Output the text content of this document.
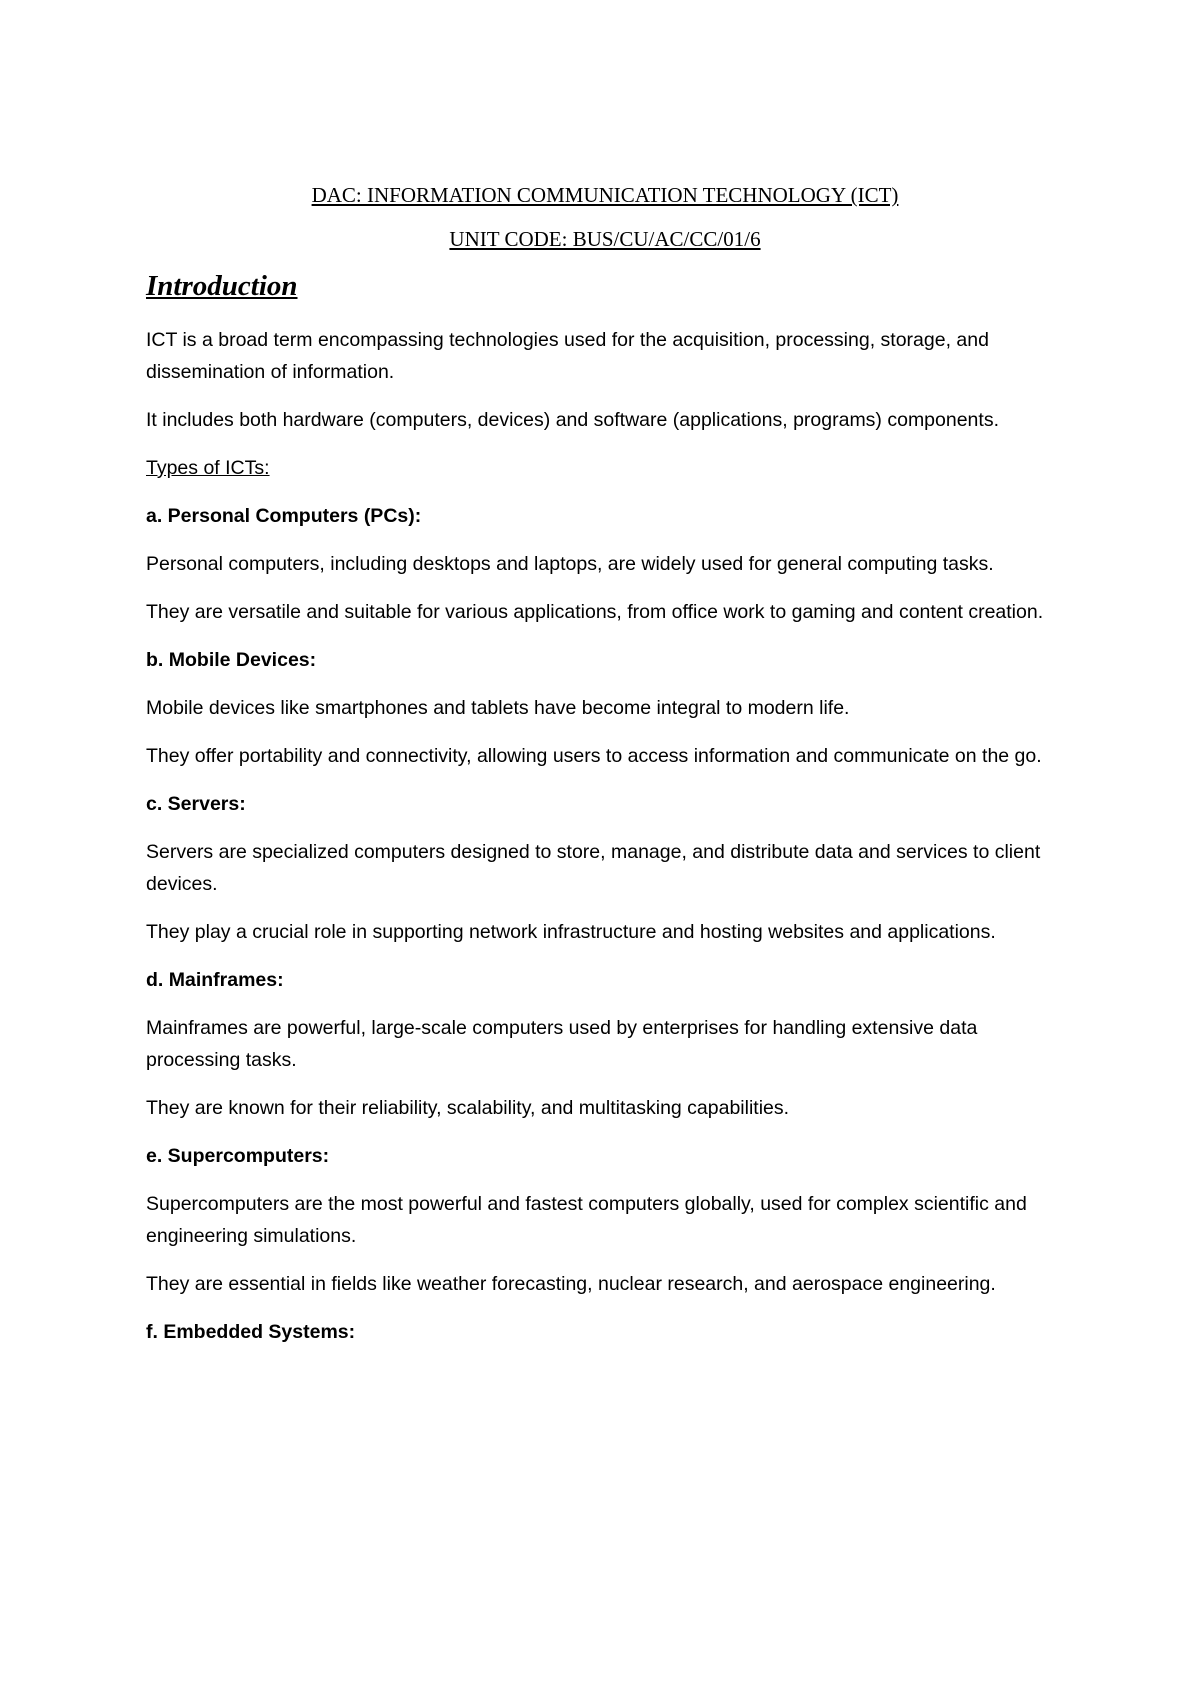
DAC: INFORMATION COMMUNICATION TECHNOLOGY (ICT)
UNIT CODE: BUS/CU/AC/CC/01/6
Introduction

ICT is a broad term encompassing technologies used for the acquisition, processing, storage, and dissemination of information.

It includes both hardware (computers, devices) and software (applications, programs) components.

Types of ICTs:

a. Personal Computers (PCs):

Personal computers, including desktops and laptops, are widely used for general computing tasks.

They are versatile and suitable for various applications, from office work to gaming and content creation.

b. Mobile Devices:

Mobile devices like smartphones and tablets have become integral to modern life.

They offer portability and connectivity, allowing users to access information and communicate on the go.

c. Servers:

Servers are specialized computers designed to store, manage, and distribute data and services to client devices.

They play a crucial role in supporting network infrastructure and hosting websites and applications.

d. Mainframes:

Mainframes are powerful, large-scale computers used by enterprises for handling extensive data processing tasks.

They are known for their reliability, scalability, and multitasking capabilities.

e. Supercomputers:

Supercomputers are the most powerful and fastest computers globally, used for complex scientific and engineering simulations.

They are essential in fields like weather forecasting, nuclear research, and aerospace engineering.

f. Embedded Systems:
